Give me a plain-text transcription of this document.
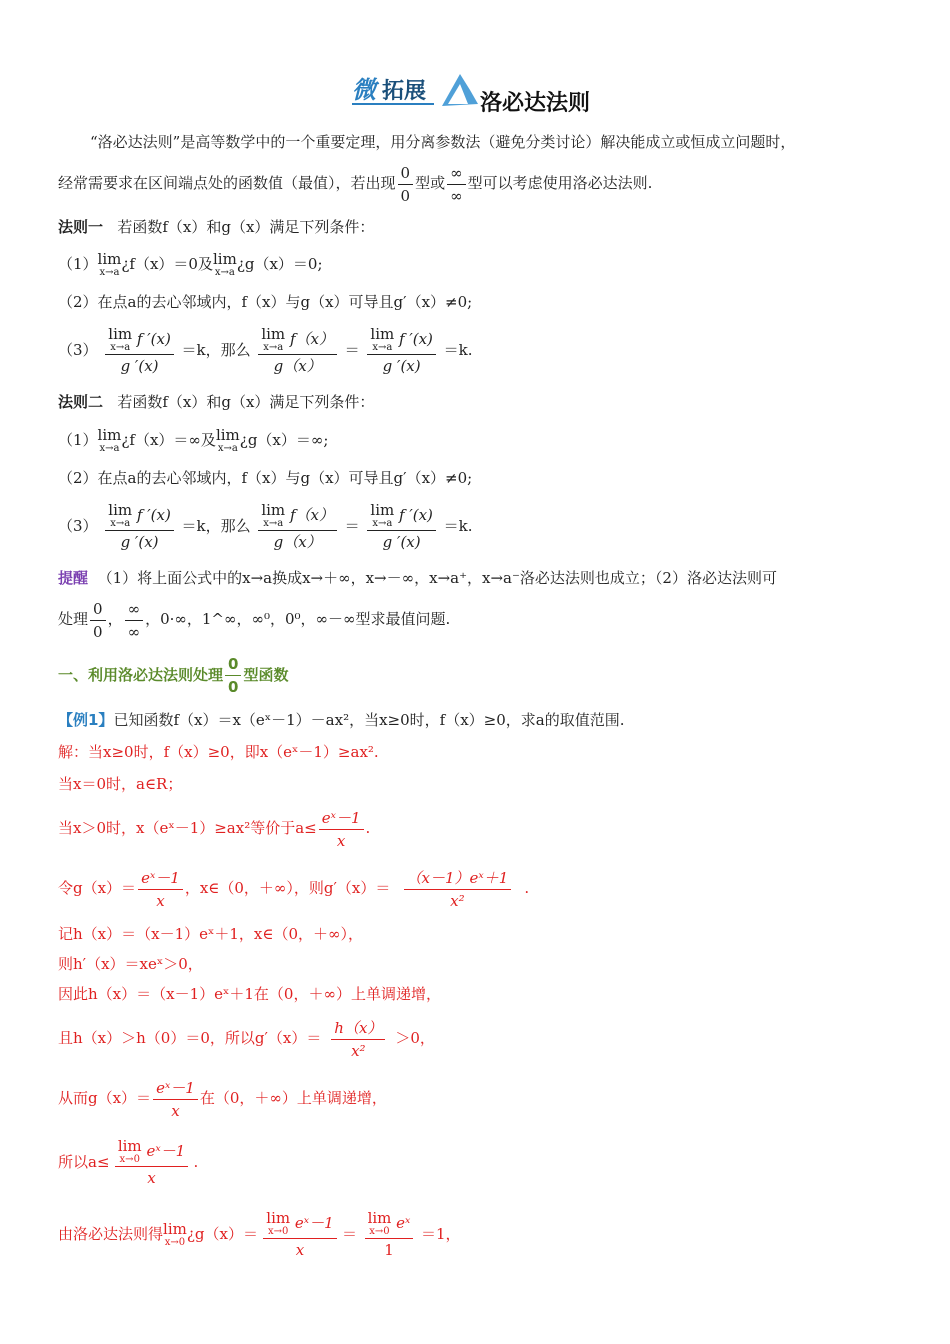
微 拓展 洛必达法则
“洛必达法则”是高等数学中的一个重要定理，用分离参数法（避免分类讨论）解决能成立或恒成立问题时，
经常需要求在区间端点处的函数值（最值），若出现 $\frac{0}{0}$ 型或 $\frac{\infty}{\infty}$ 型可以考虑使用洛必达法则.
法则一 若函数f（x）和g（x）满足下列条件：
（1） lim
x→a ¿f（x）＝0及 lim
x→a ¿g（x）＝0;
（2）在点a的去心邻域内，f（x）与g（x）可导且g′（x）≠0;
（3） lim
x→a f ′(x)
g ′(x) ＝k，那么 lim
x→a f（x）
g（x） ＝ lim
x→a f ′(x)
g ′(x) ＝k.
法则二 若函数f（x）和g（x）满足下列条件：
（1） lim
x→a ¿f（x）＝∞及 lim
x→a ¿g（x）＝∞;
（2）在点a的去心邻域内，f（x）与g（x）可导且g′（x）≠0;
（3） lim
x→a f ′(x)
g ′(x) ＝k，那么 lim
x→a f（x）
g（x） ＝ lim
x→a f ′(x)
g ′(x) ＝k.
提醒 （1）将上面公式中的x→a换成x→＋∞，x→－∞，x→a⁺，x→a⁻洛必达法则也成立；（2）洛必达法则可
处理 $\frac{0}{0}$ ， $\frac{\infty}{\infty}$ ，0·∞，1^∞，∞⁰，0⁰，∞－∞型求最值问题.
一、利用洛必达法则处理 $\frac{0}{0}$ 型函数
【例1】已知函数f（x）＝x（eˣ－1）－ax²，当x≥0时，f（x）≥0，求a的取值范围.
解：当x≥0时，f（x）≥0，即x（eˣ－1）≥ax².
当x＝0时，a∈R；
当x＞0时，x（eˣ－1）≥ax²等价于$a\le \frac{\text{eˣ－1}}{x}$ .
令$g(x)= \frac{\text{eˣ－1}}{x}$ ，x∈（0，＋∞），则$g'(x)= \frac{\text{（x－1）eˣ＋1}}{\text{x²}}$ .
记h（x）＝（x－1）eˣ＋1，x∈（0，＋∞），
则h′（x）＝xeˣ＞0，
因此h（x）＝（x－1）eˣ＋1在（0，＋∞）上单调递增，
且h（x）＞h（0）＝0，所以$g'(x)= \frac{h(x)}{\text{x²}} >0$，
从而$g(x)= \frac{\text{eˣ－1}}{x}$ 在（0，＋∞）上单调递增，
所以a≤ lim
x→0 eˣ－1
x .
由洛必达法则得 lim
x→0 ¿g（x）＝ lim
x→0 eˣ－1
x ＝ lim
x→0 eˣ
1 ＝1，
